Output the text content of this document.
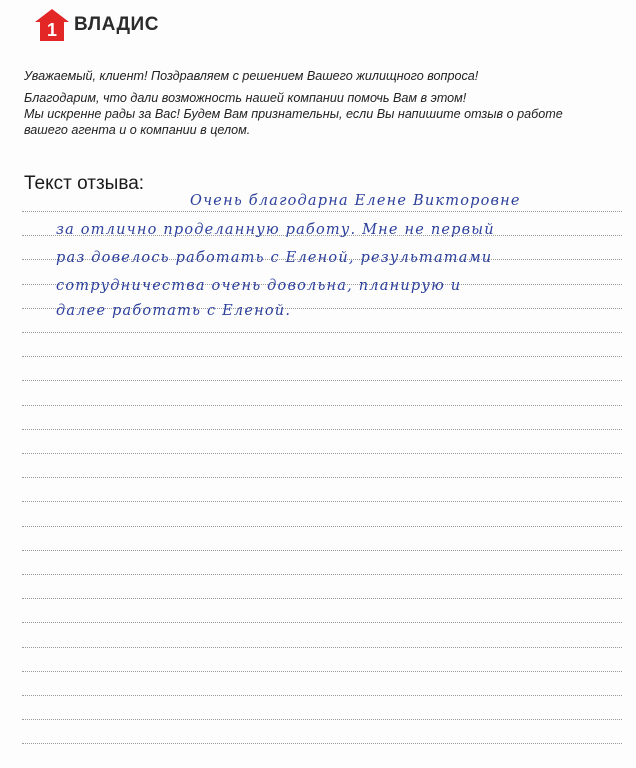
1 ВЛАДИС

Уважаемый, клиент! Поздравляем с решением Вашего жилищного вопроса!

Благодарим, что дали возможность нашей компании помочь Вам в этом!

Мы искренне рады за Вас! Будем Вам признательны, если Вы напишите отзыв о работе

вашего агента и о компании в целом.

Текст отзыва:
Очень благодарна Елене Викторовне
за отлично проделанную работу. Мне не первый
раз довелось работать с Еленой, результатами
сотрудничества очень довольна, планирую и
далее работать с Еленой.
